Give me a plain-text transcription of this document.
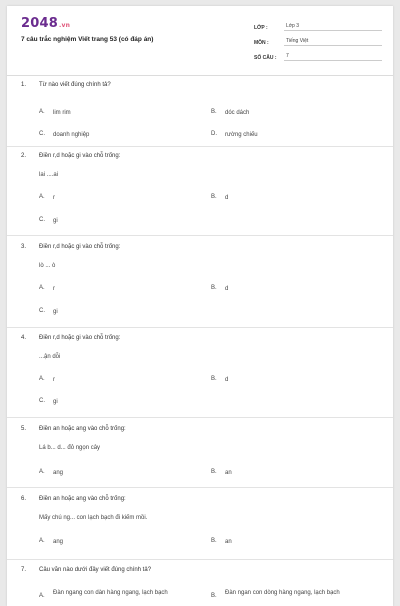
2048.vn
7 câu trắc nghiệm Viết trang 53 (có đáp án)
LỚP :	Lớp 3
MÔN :	Tiếng Việt
SỐ CÂU :	7
1.	Từ nào viết đúng chính tả?
A.	lim rim	B.	dóc dách
C.	doanh nghiệp	D.	rường chiếu
2.	Điền r,d hoặc gi vào chỗ trống:
lai ....ai
A.	r	B.	d
C.	gi
3.	Điền r,d hoặc gi vào chỗ trống:
lò ... ò
A.	r	B.	d
C.	gi
4.	Điền r,d hoặc gi vào chỗ trống:
...ận dỗi
A.	r	B.	d
C.	gi
5.	Điền an hoặc ang vào chỗ trống:
Lá b... d... đỏ ngọn cây
A.	ang	B.	an
6.	Điền an hoặc ang vào chỗ trống:
Mấy chú ng... con lạch bạch đi kiếm mồi.
A.	ang	B.	an
7.	Câu văn nào dưới đây viết đúng chính tả?
A.	Đàn ngang con dàn hàng ngang, lạch bạch	B.	Đàn ngan con dòng hàng ngang, lạch bạch
